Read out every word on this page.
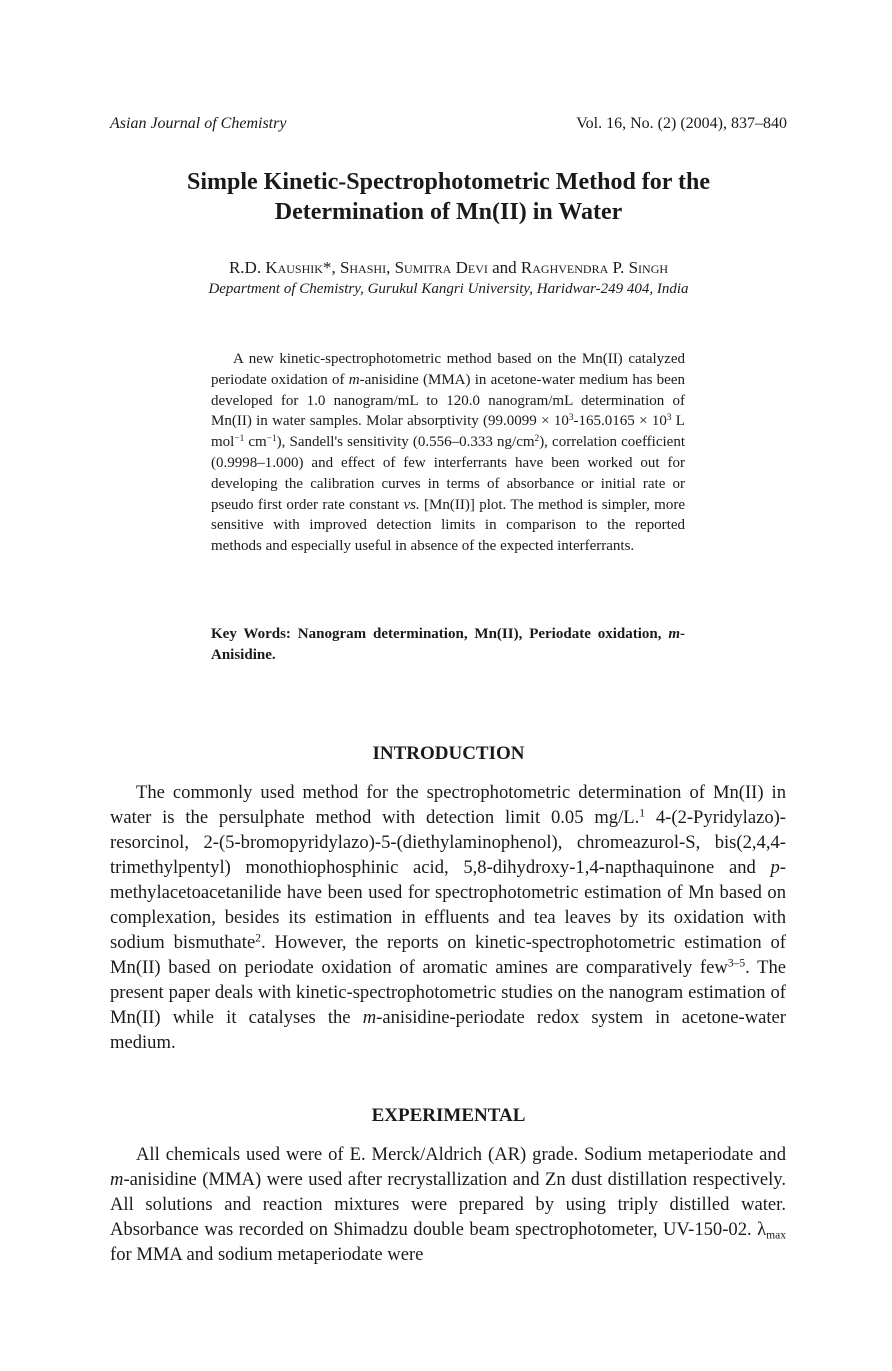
Asian Journal of Chemistry	Vol. 16, No. (2) (2004), 837–840
Simple Kinetic-Spectrophotometric Method for the
Determination of Mn(II) in Water
R.D. Kaushik*, Shashi, Sumitra Devi and Raghvendra P. Singh
Department of Chemistry, Gurukul Kangri University, Haridwar-249 404, India

A new kinetic-spectrophotometric method based on the Mn(II) catalyzed periodate oxidation of m-anisidine (MMA) in acetone-water medium has been developed for 1.0 nanogram/mL to 120.0 nanogram/mL determination of Mn(II) in water samples. Molar absorptivity ($99.0099 \times 10^3-165.0165 \times 10^3$ L mol$^{-1}$ $cm^{-1}$), Sandell's sensitivity (0.556–0.333 $ng/cm^2$), correlation coefficient (0.9998–1.000) and effect of few interferrants have been worked out for developing the calibration curves in terms of absorbance or initial rate or pseudo first order rate constant vs. [Mn(II)] plot. The method is simpler, more sensitive with improved detection limits in comparison to the reported methods and especially useful in absence of the expected interferrants.

Key Words: Nanogram determination, Mn(II), Periodate oxidation, m-Anisidine.

INTRODUCTION

The commonly used method for the spectrophotometric determination of Mn(II) in water is the persulphate method with detection limit 0.05 mg/L.$^1$ 4-(2-Pyridylazo)-resorcinol, 2-(5-bromopyridylazo)-5-(diethylaminophenol), chromeazurol-S, bis(2,4,4-trimethylpentyl) monothiophosphinic acid, 5,8-dihydroxy-1,4-napthaquinone and p-methylacetoacetanilide have been used for spectrophotometric estimation of Mn based on complexation, besides its estimation in effluents and tea leaves by its oxidation with sodium bismuthate$^2$. However, the reports on kinetic-spectrophotometric estimation of Mn(II) based on periodate oxidation of aromatic amines are comparatively few$^{3-5}$. The present paper deals with kinetic-spectrophotometric studies on the nanogram estimation of Mn(II) while it catalyses the m-anisidine-periodate redox system in acetone-water medium.

EXPERIMENTAL

All chemicals used were of E. Merck/Aldrich (AR) grade. Sodium metaperiodate and m-anisidine (MMA) were used after recrystallization and Zn dust distillation respectively. All solutions and reaction mixtures were prepared by using triply distilled water. Absorbance was recorded on Shimadzu double beam spectrophotometer, UV-150-02. $\lambda_{max}$ for MMA and sodium metaperiodate were
